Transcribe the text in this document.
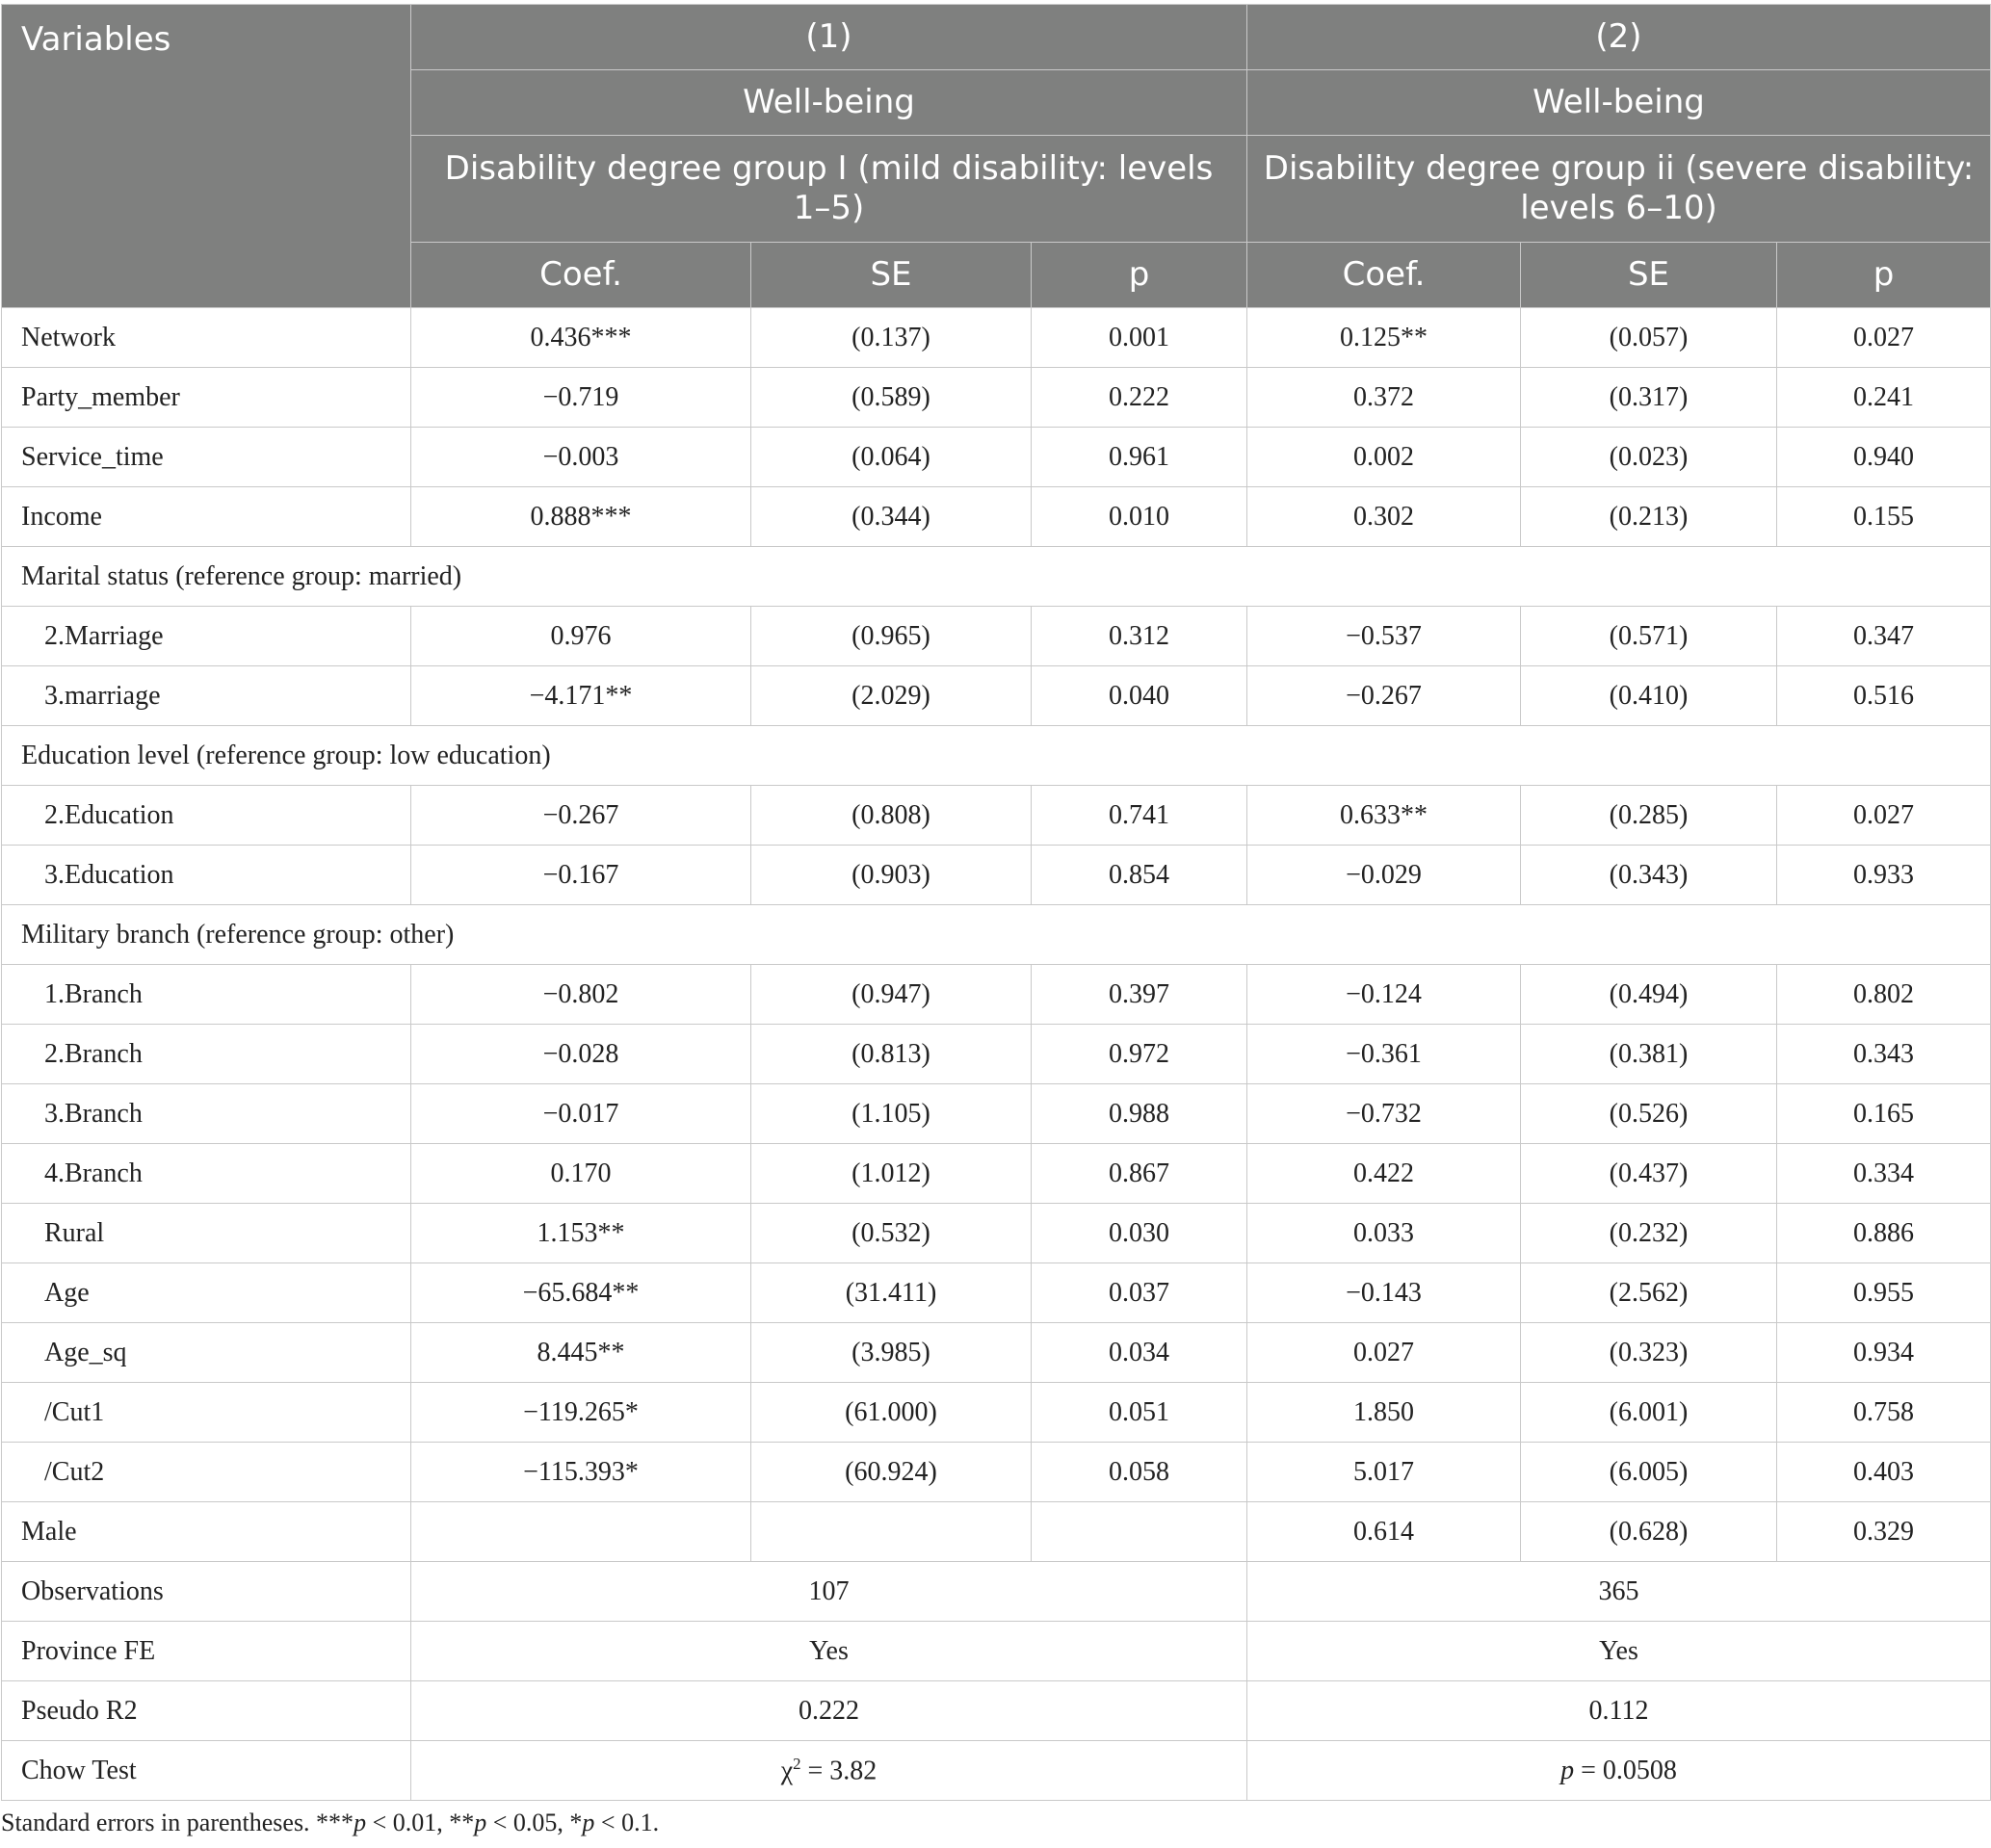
Variables	(1)			(2)		
	Well-being			Well-being		
	Disability degree group I (mild disability: levels 1–5)			Disability degree group ii (severe disability: levels 6–10)		
	Coef.	SE	p	Coef.	SE	p
Network	0.436***	(0.137)	0.001	0.125**	(0.057)	0.027
Party_member	−0.719	(0.589)	0.222	0.372	(0.317)	0.241
Service_time	−0.003	(0.064)	0.961	0.002	(0.023)	0.940
Income	0.888***	(0.344)	0.010	0.302	(0.213)	0.155
Marital status (reference group: married)						
2.Marriage	0.976	(0.965)	0.312	−0.537	(0.571)	0.347
3.marriage	−4.171**	(2.029)	0.040	−0.267	(0.410)	0.516
Education level (reference group: low education)						
2.Education	−0.267	(0.808)	0.741	0.633**	(0.285)	0.027
3.Education	−0.167	(0.903)	0.854	−0.029	(0.343)	0.933
Military branch (reference group: other)						
1.Branch	−0.802	(0.947)	0.397	−0.124	(0.494)	0.802
2.Branch	−0.028	(0.813)	0.972	−0.361	(0.381)	0.343
3.Branch	−0.017	(1.105)	0.988	−0.732	(0.526)	0.165
4.Branch	0.170	(1.012)	0.867	0.422	(0.437)	0.334
Rural	1.153**	(0.532)	0.030	0.033	(0.232)	0.886
Age	−65.684**	(31.411)	0.037	−0.143	(2.562)	0.955
Age_sq	8.445**	(3.985)	0.034	0.027	(0.323)	0.934
/Cut1	−119.265*	(61.000)	0.051	1.850	(6.001)	0.758
/Cut2	−115.393*	(60.924)	0.058	5.017	(6.005)	0.403
Male				0.614	(0.628)	0.329
Observations	107			365		
Province FE	Yes			Yes		
Pseudo R2	0.222			0.112		
Chow Test	$\chi^2 = 3.82$			p = 0.0508		
Standard errors in parentheses. ***p < 0.01, **p < 0.05, *p < 0.1.
